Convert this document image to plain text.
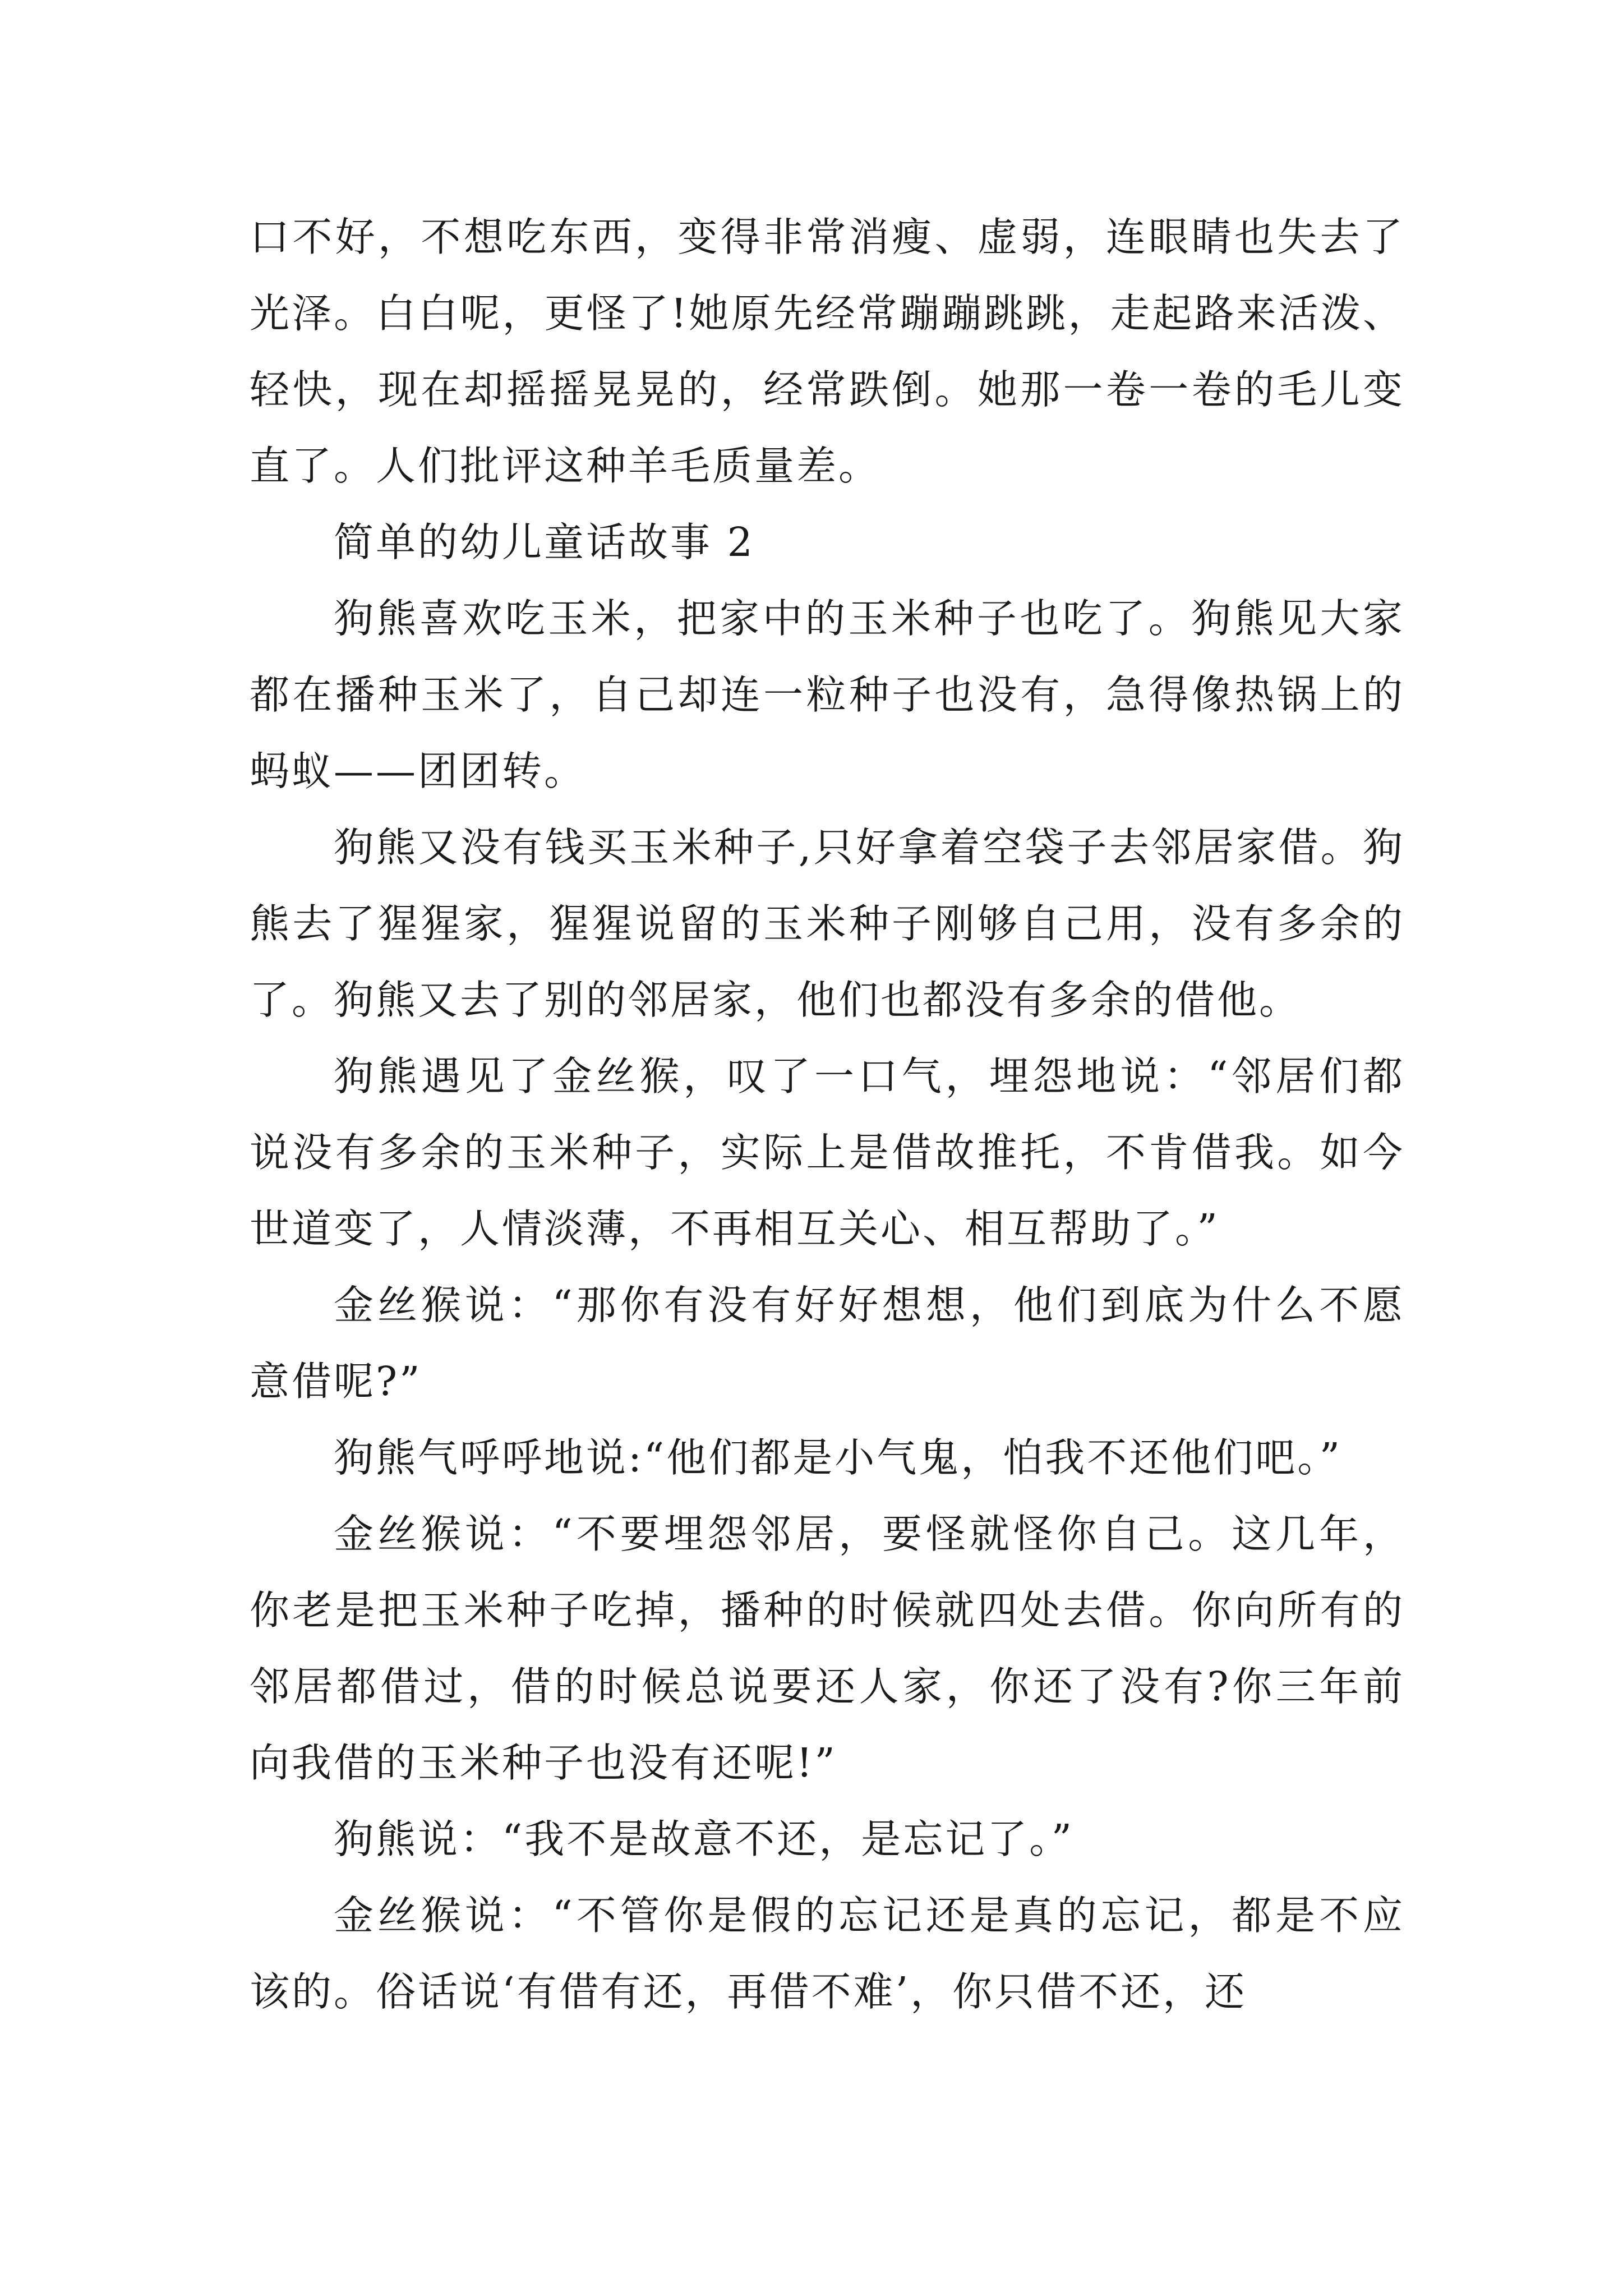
口不好，不想吃东西，变得非常消瘦、虚弱，连眼睛也失去了光泽。白白呢，更怪了!她原先经常蹦蹦跳跳，走起路来活泼、轻快，现在却摇摇晃晃的，经常跌倒。她那一卷一卷的毛儿变直了。人们批评这种羊毛质量差。

简单的幼儿童话故事 2

狗熊喜欢吃玉米，把家中的玉米种子也吃了。狗熊见大家都在播种玉米了，自己却连一粒种子也没有，急得像热锅上的蚂蚁——团团转。

狗熊又没有钱买玉米种子,只好拿着空袋子去邻居家借。狗熊去了猩猩家，猩猩说留的玉米种子刚够自己用，没有多余的了。狗熊又去了别的邻居家，他们也都没有多余的借他。

狗熊遇见了金丝猴，叹了一口气，埋怨地说：“邻居们都说没有多余的玉米种子，实际上是借故推托，不肯借我。如今世道变了，人情淡薄，不再相互关心、相互帮助了。”

金丝猴说：“那你有没有好好想想，他们到底为什么不愿意借呢?”

狗熊气呼呼地说:“他们都是小气鬼，怕我不还他们吧。”

金丝猴说：“不要埋怨邻居，要怪就怪你自己。这几年，你老是把玉米种子吃掉，播种的时候就四处去借。你向所有的邻居都借过，借的时候总说要还人家，你还了没有?你三年前向我借的玉米种子也没有还呢!”

狗熊说：“我不是故意不还，是忘记了。”

金丝猴说：“不管你是假的忘记还是真的忘记，都是不应该的。俗话说‘有借有还，再借不难’，你只借不还，还
